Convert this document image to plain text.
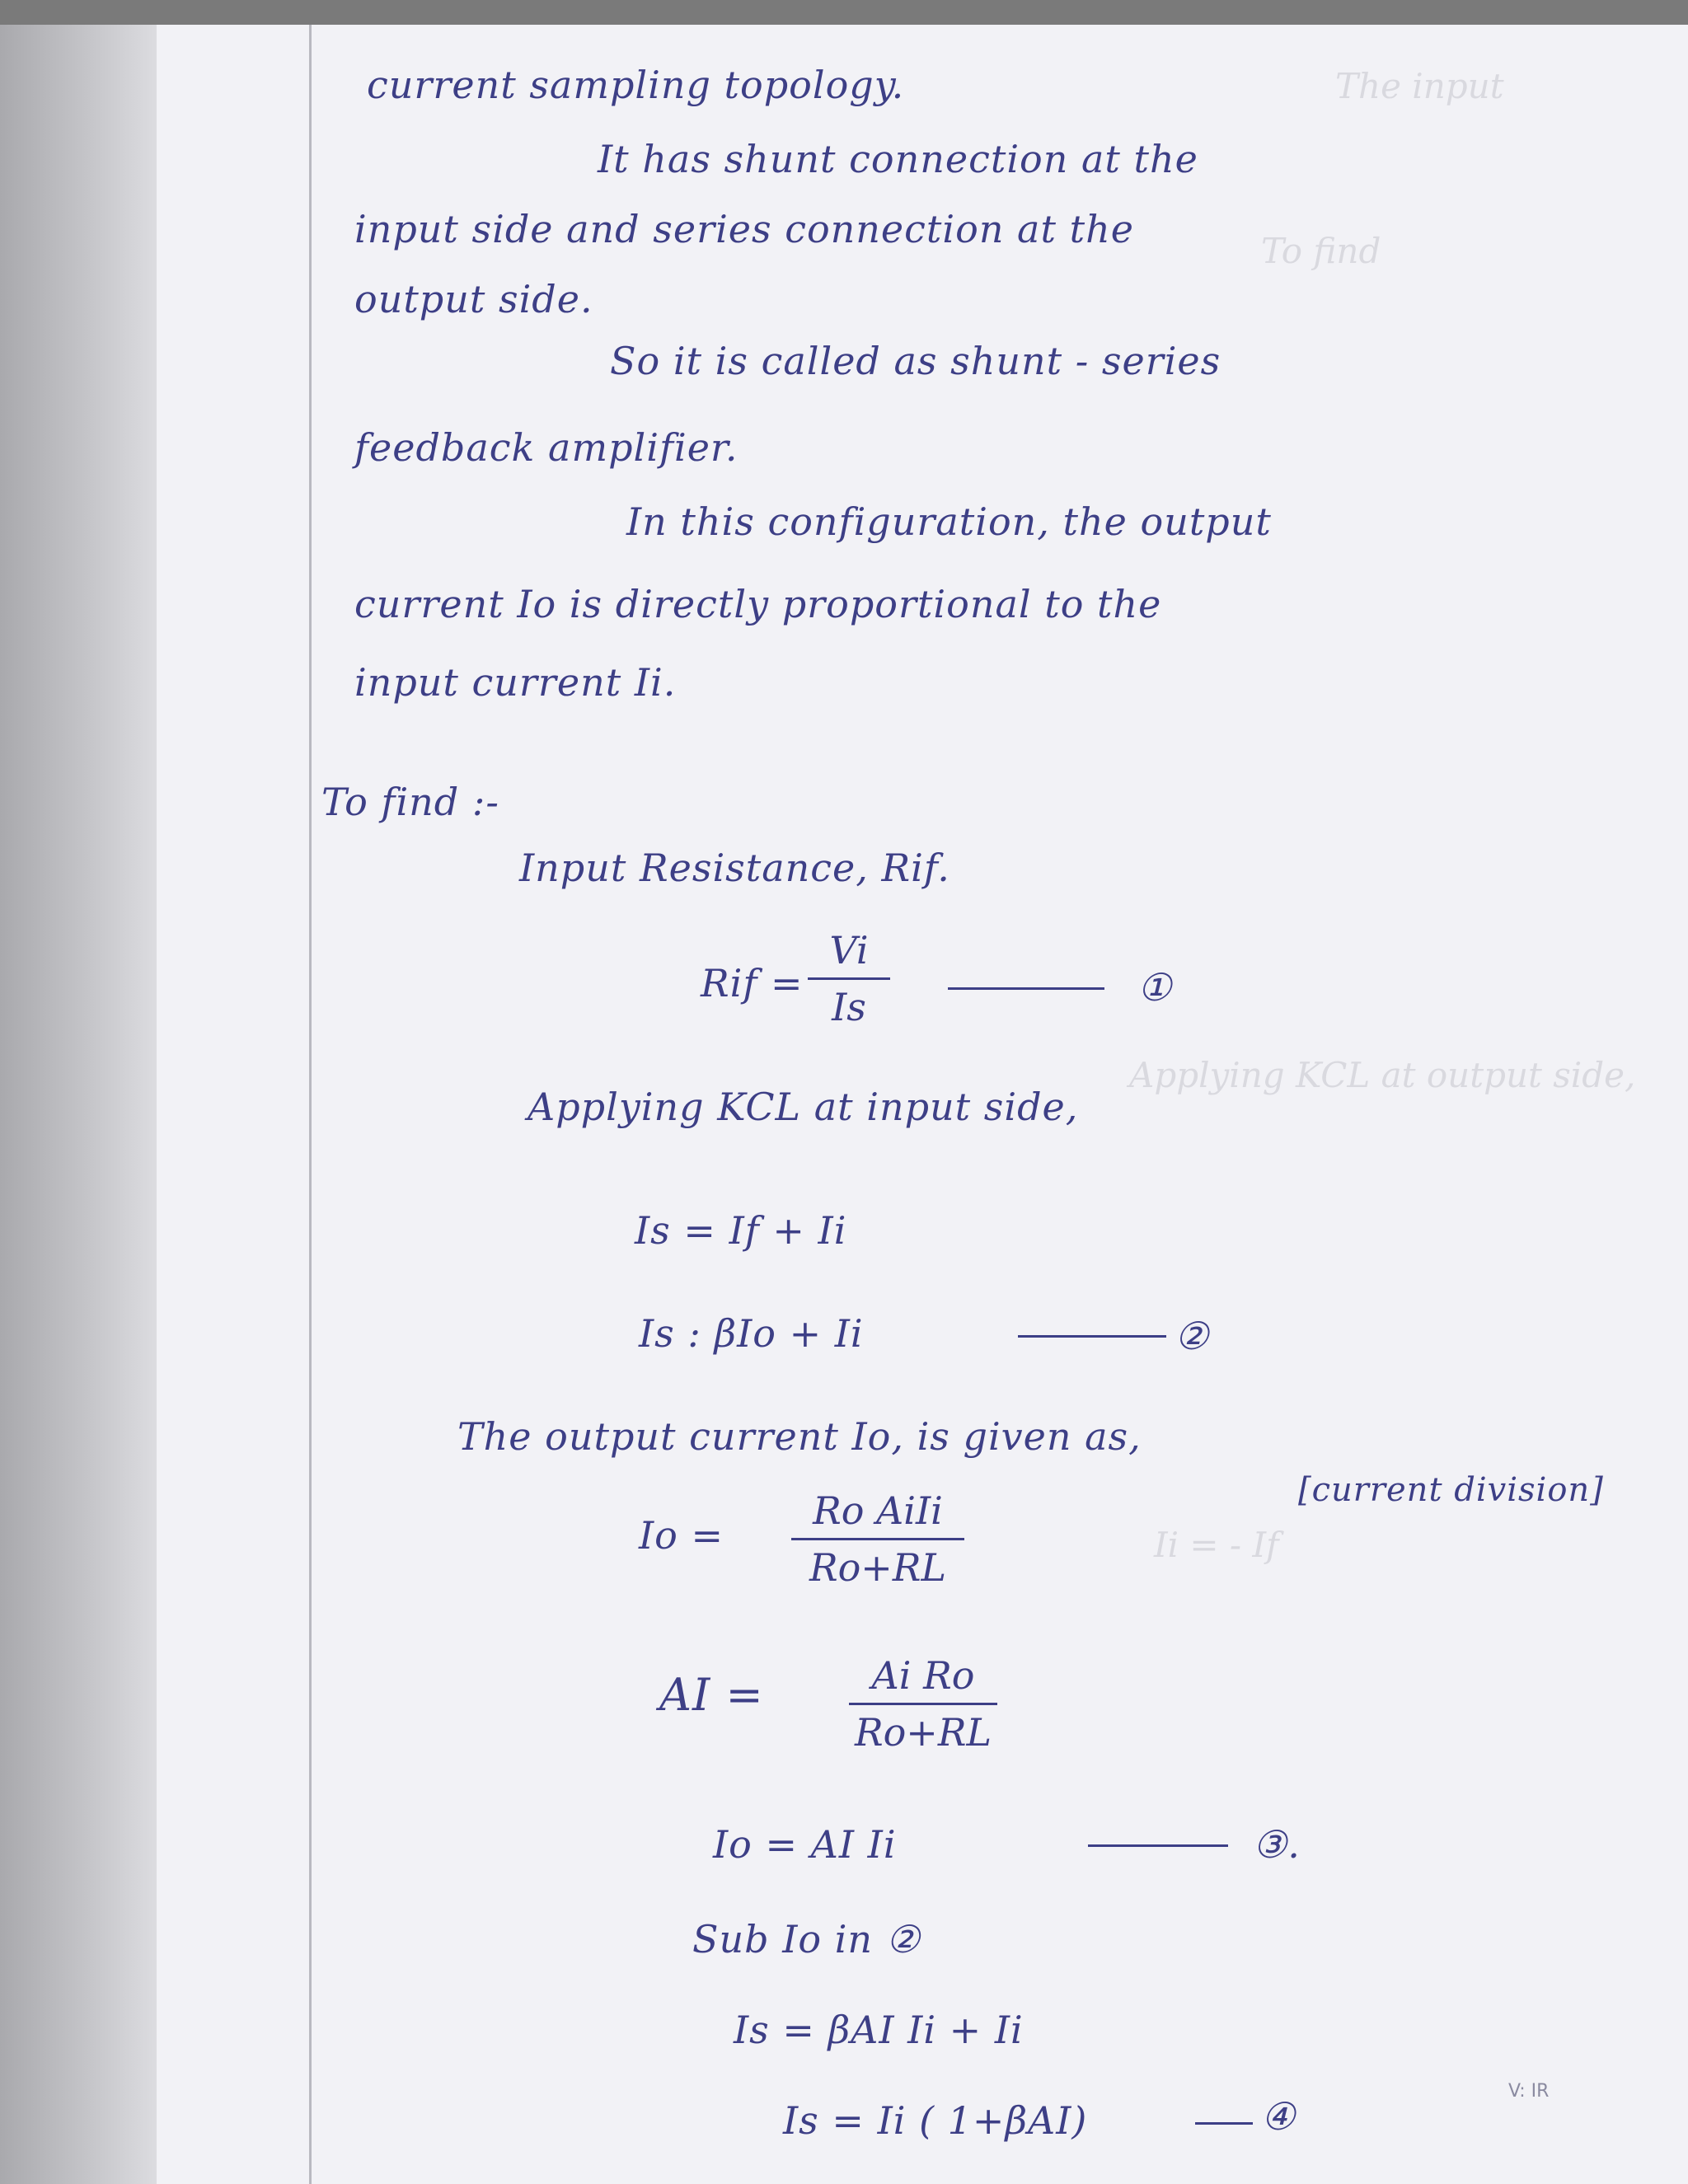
The input
To find
Applying KCL at output side,
Ii = - If
current sampling topology.
It has shunt connection at the
input side and series connection at the
output side.
So it is called as shunt - series
feedback amplifier.
In this configuration, the output
current Io is directly proportional to the
input current Ii.
To find :-
Input Resistance, Rif.
Rif = $\frac{Vi}{Is}$	①
Applying KCL at input side,
Is = If + Ii
Is : βIo + Ii	②
The output current Io, is given as,
[current division]
Io =
Ro AiIi
Ro+RL
AI = $\frac{\text{Ai Ro}}{Ro+RL}$
Io = AI Ii	③.
Sub Io in ②
Is = βAI Ii + Ii
Is = Ii ( 1+βAI)	④
V: IR
